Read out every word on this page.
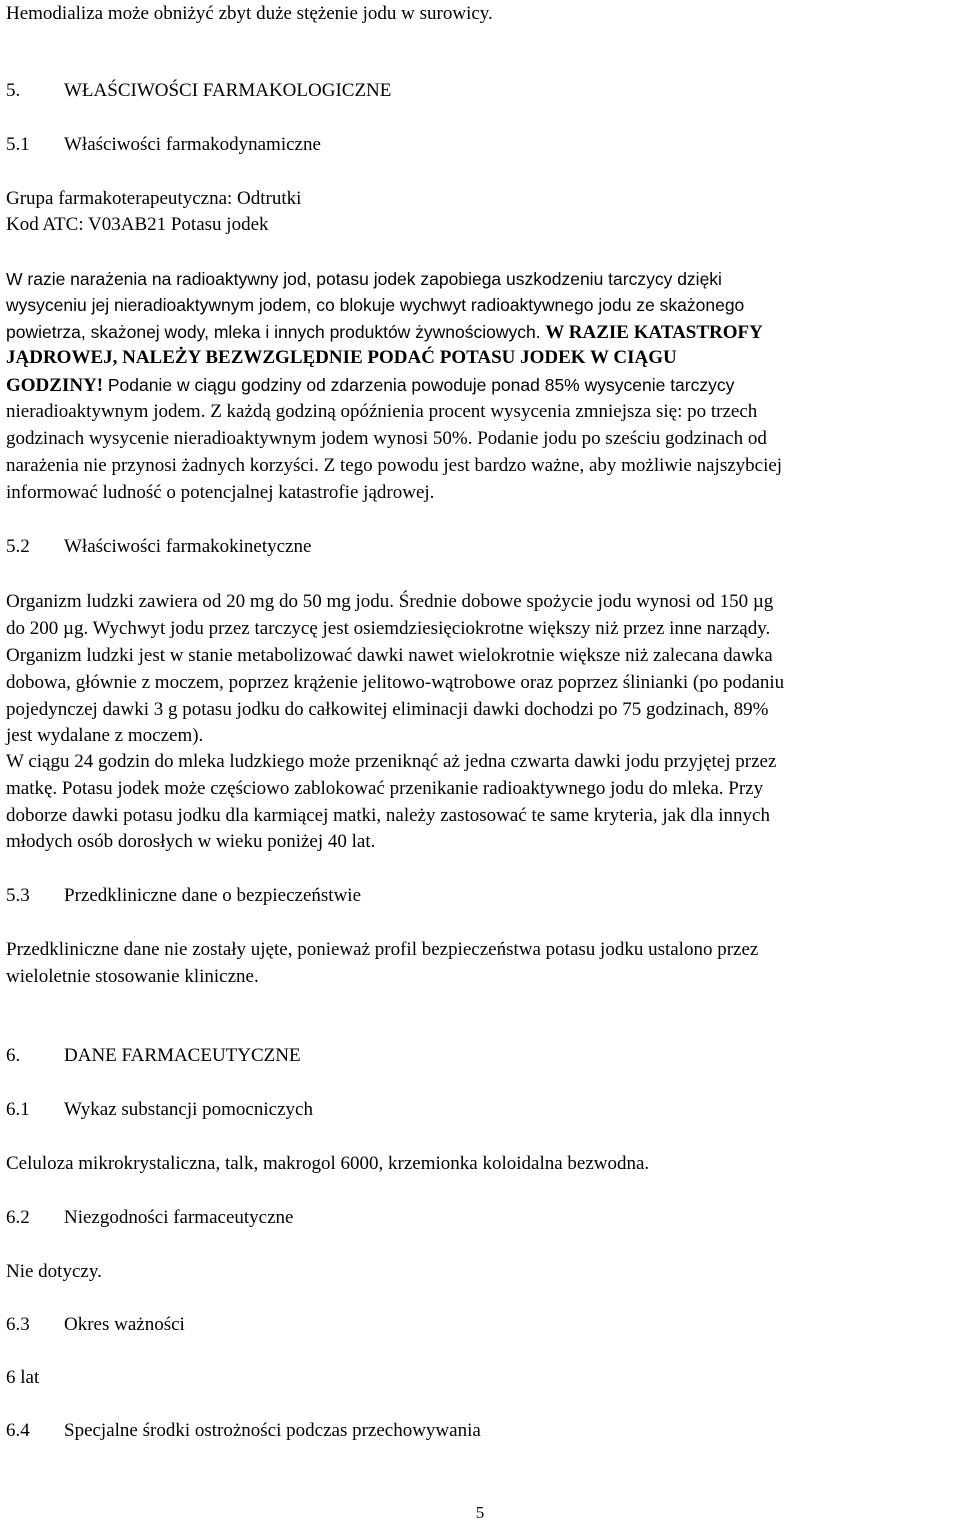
Hemodializa może obniżyć zbyt duże stężenie jodu w surowicy.
5. WŁAŚCIWOŚCI FARMAKOLOGICZNE
5.1 Właściwości farmakodynamiczne
Grupa farmakoterapeutyczna: Odtrutki
Kod ATC: V03AB21 Potasu jodek
W razie narażenia na radioaktywny jod, potasu jodek zapobiega uszkodzeniu tarczycy dzięki
wysyceniu jej nieradioaktywnym jodem, co blokuje wychwyt radioaktywnego jodu ze skażonego
powietrza, skażonej wody, mleka i innych produktów żywnościowych. W RAZIE KATASTROFY
JĄDROWEJ, NALEŻY BEZWZGLĘDNIE PODAĆ POTASU JODEK W CIĄGU
GODZINY! Podanie w ciągu godziny od zdarzenia powoduje ponad 85% wysycenie tarczycy
nieradioaktywnym jodem. Z każdą godziną opóźnienia procent wysycenia zmniejsza się: po trzech
godzinach wysycenie nieradioaktywnym jodem wynosi 50%. Podanie jodu po sześciu godzinach od
narażenia nie przynosi żadnych korzyści. Z tego powodu jest bardzo ważne, aby możliwie najszybciej
informować ludność o potencjalnej katastrofie jądrowej.
5.2 Właściwości farmakokinetyczne
Organizm ludzki zawiera od 20 mg do 50 mg jodu. Średnie dobowe spożycie jodu wynosi od 150 µg
do 200 µg. Wychwyt jodu przez tarczycę jest osiemdziesięciokrotne większy niż przez inne narządy.
Organizm ludzki jest w stanie metabolizować dawki nawet wielokrotnie większe niż zalecana dawka
dobowa, głównie z moczem, poprzez krążenie jelitowo-wątrobowe oraz poprzez ślinianki (po podaniu
pojedynczej dawki 3 g potasu jodku do całkowitej eliminacji dawki dochodzi po 75 godzinach, 89%
jest wydalane z moczem).
W ciągu 24 godzin do mleka ludzkiego może przeniknąć aż jedna czwarta dawki jodu przyjętej przez
matkę. Potasu jodek może częściowo zablokować przenikanie radioaktywnego jodu do mleka. Przy
doborze dawki potasu jodku dla karmiącej matki, należy zastosować te same kryteria, jak dla innych
młodych osób dorosłych w wieku poniżej 40 lat.
5.3 Przedkliniczne dane o bezpieczeństwie
Przedkliniczne dane nie zostały ujęte, ponieważ profil bezpieczeństwa potasu jodku ustalono przez
wieloletnie stosowanie kliniczne.
6. DANE FARMACEUTYCZNE
6.1 Wykaz substancji pomocniczych
Celuloza mikrokrystaliczna, talk, makrogol 6000, krzemionka koloidalna bezwodna.
6.2 Niezgodności farmaceutyczne
Nie dotyczy.
6.3 Okres ważności
6 lat
6.4 Specjalne środki ostrożności podczas przechowywania
5
